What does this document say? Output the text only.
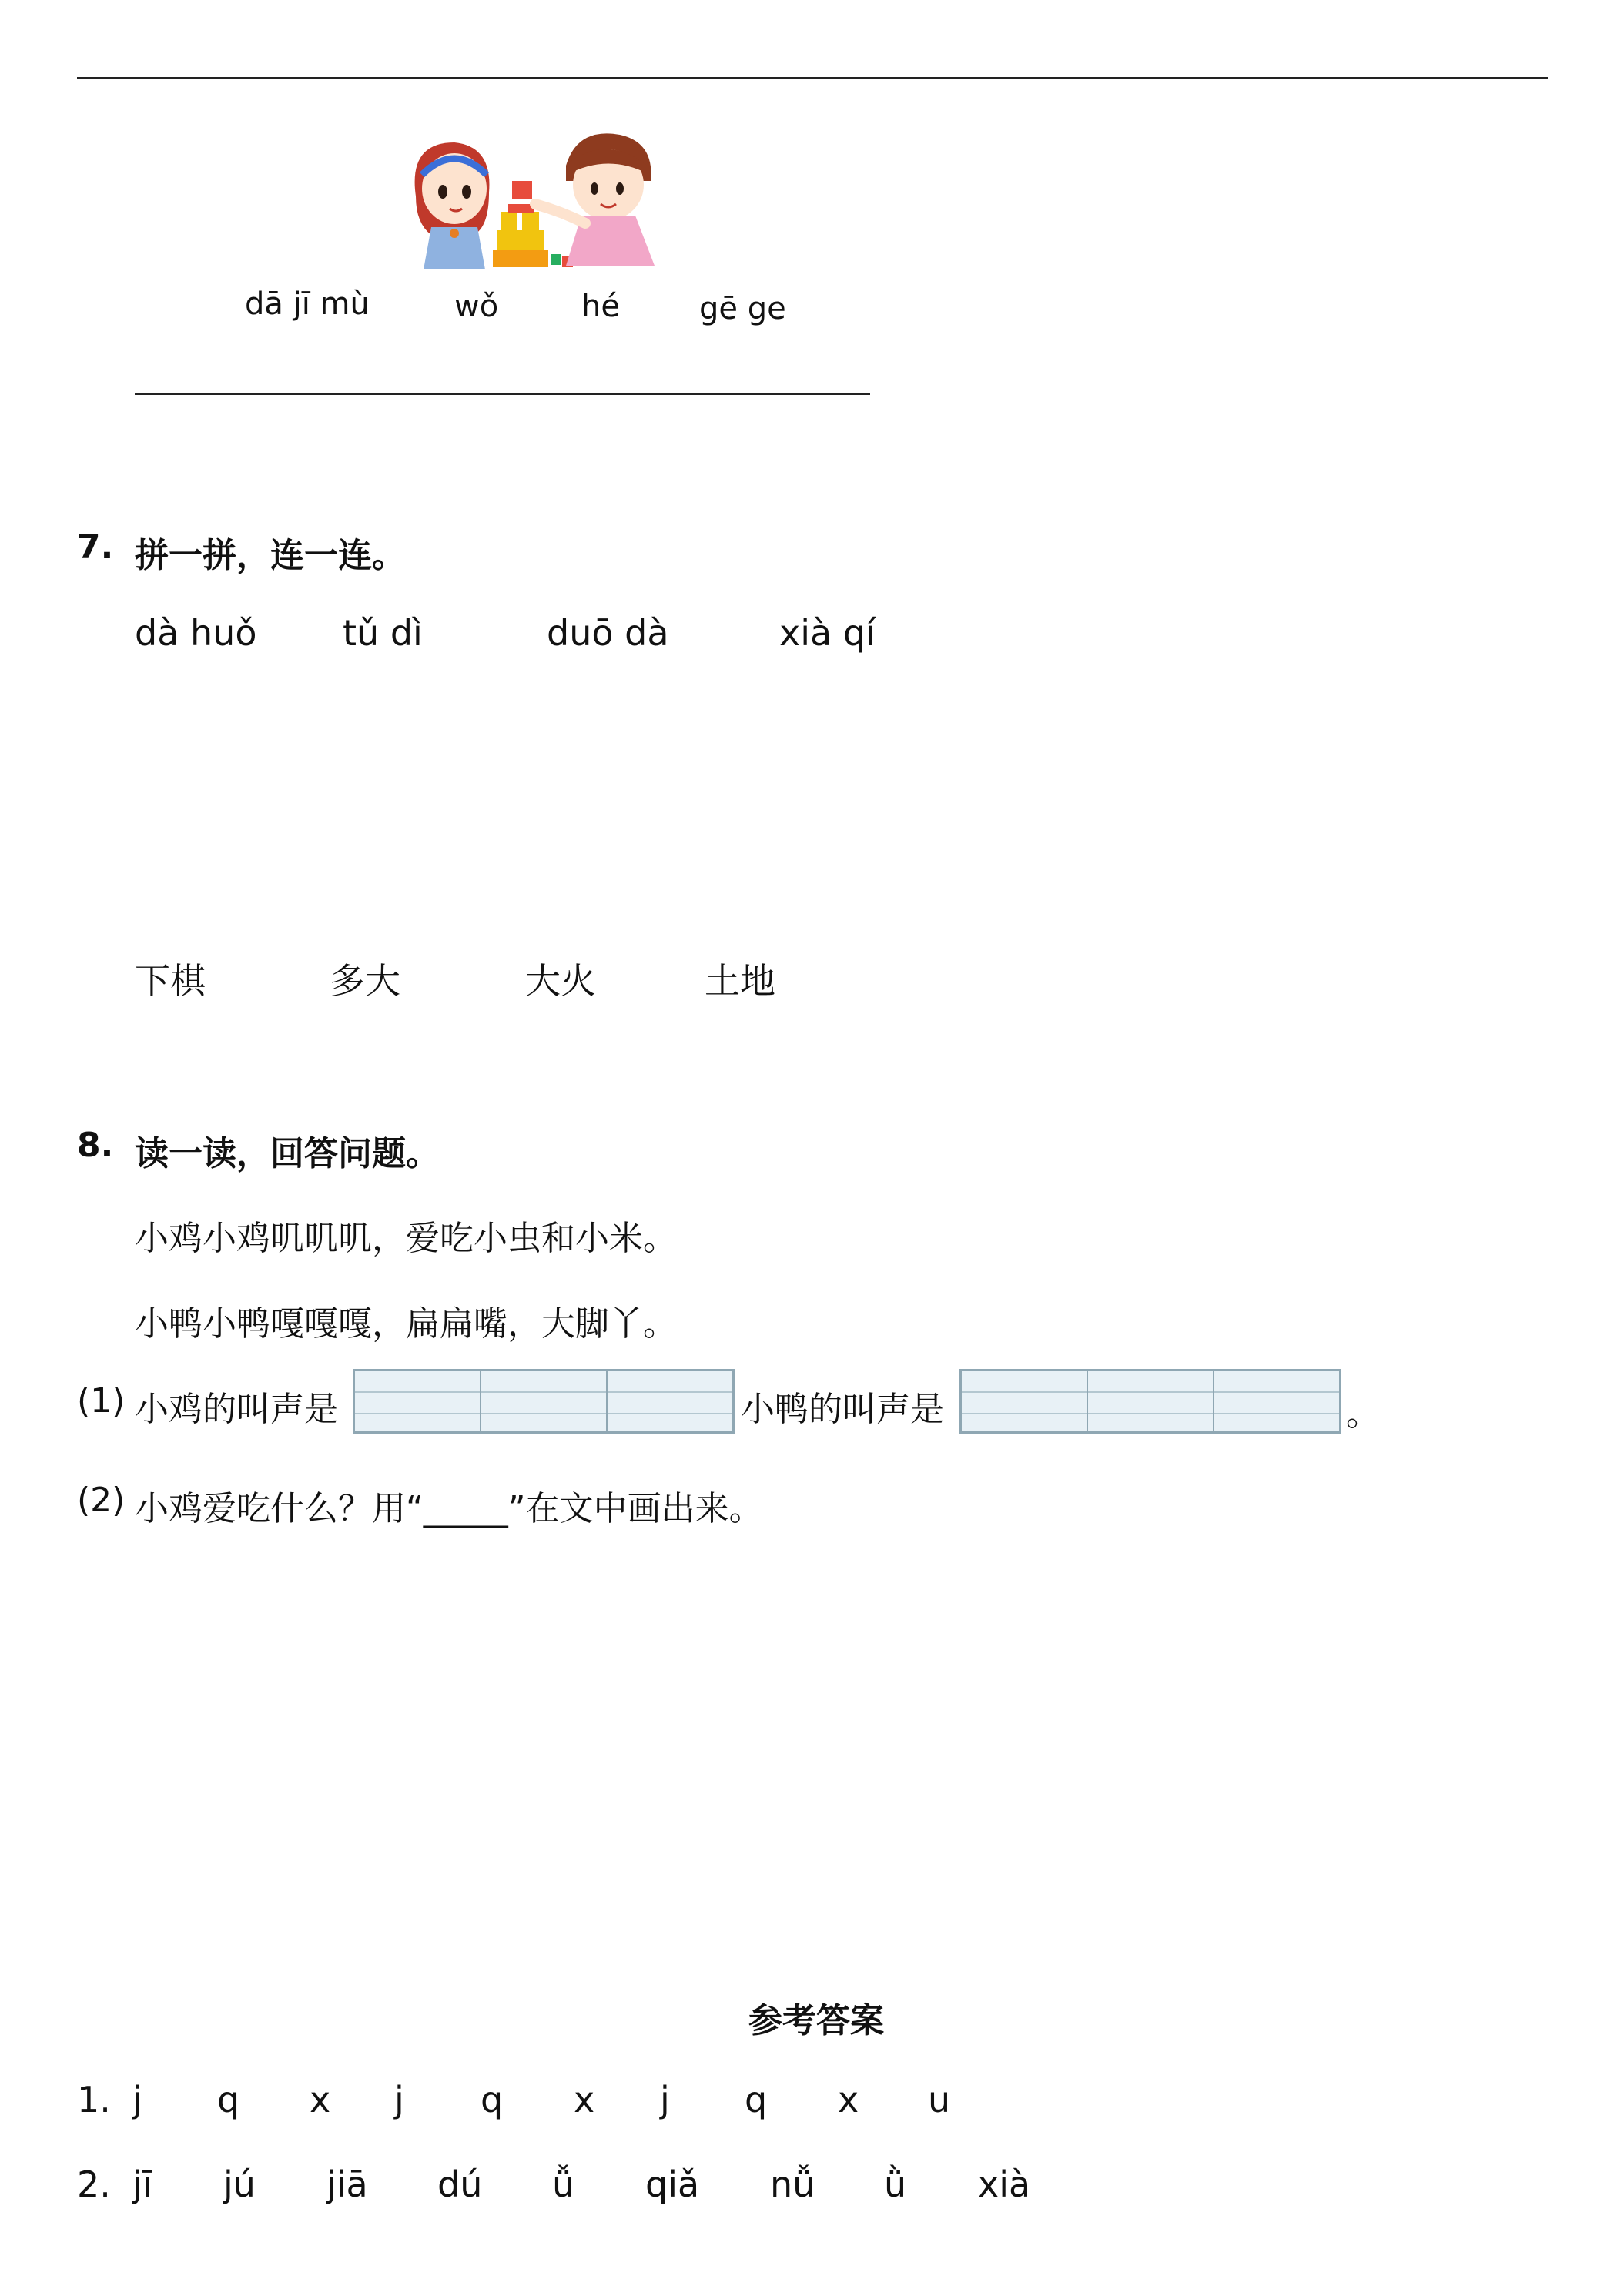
dā jī mù	wǒ	hé	gē ge
7. 拼一拼，连一连。
dà huǒ tǔ dì	duō dà	xià qí
下棋	多大	大火	土地
8. 读一读，回答问题。
小鸡小鸡叽叽叽，爱吃小虫和小米。
小鸭小鸭嘎嘎嘎，扁扁嘴，大脚丫。
(1) 小鸡的叫声是	小鸭的叫声是	。
(2) 小鸡爱吃什么？用“_____”在文中画出来。
参考答案
1. j q x j q x j q x u
2. jī jú jiā dú ǚ qiǎ nǚ ǜ xià
